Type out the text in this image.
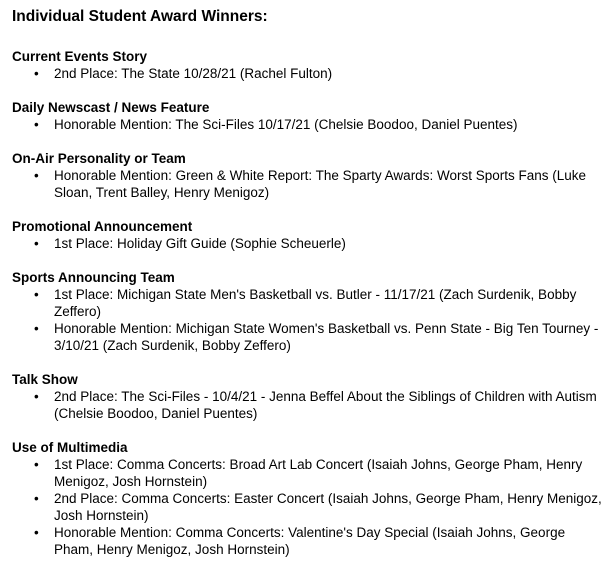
Individual Student Award Winners:
Current Events Story
• 2nd Place: The State 10/28/21 (Rachel Fulton)
Daily Newscast / News Feature
• Honorable Mention: The Sci-Files 10/17/21 (Chelsie Boodoo, Daniel Puentes)
On-Air Personality or Team
• Honorable Mention: Green & White Report: The Sparty Awards: Worst Sports Fans (Luke Sloan, Trent Balley, Henry Menigoz)
Promotional Announcement
• 1st Place: Holiday Gift Guide (Sophie Scheuerle)
Sports Announcing Team
• 1st Place: Michigan State Men's Basketball vs. Butler - 11/17/21 (Zach Surdenik, Bobby Zeffero)
• Honorable Mention: Michigan State Women's Basketball vs. Penn State - Big Ten Tourney - 3/10/21 (Zach Surdenik, Bobby Zeffero)
Talk Show
• 2nd Place: The Sci-Files - 10/4/21 - Jenna Beffel About the Siblings of Children with Autism (Chelsie Boodoo, Daniel Puentes)
Use of Multimedia
• 1st Place: Comma Concerts: Broad Art Lab Concert (Isaiah Johns, George Pham, Henry Menigoz, Josh Hornstein)
• 2nd Place: Comma Concerts: Easter Concert (Isaiah Johns, George Pham, Henry Menigoz, Josh Hornstein)
• Honorable Mention: Comma Concerts: Valentine's Day Special (Isaiah Johns, George Pham, Henry Menigoz, Josh Hornstein)
